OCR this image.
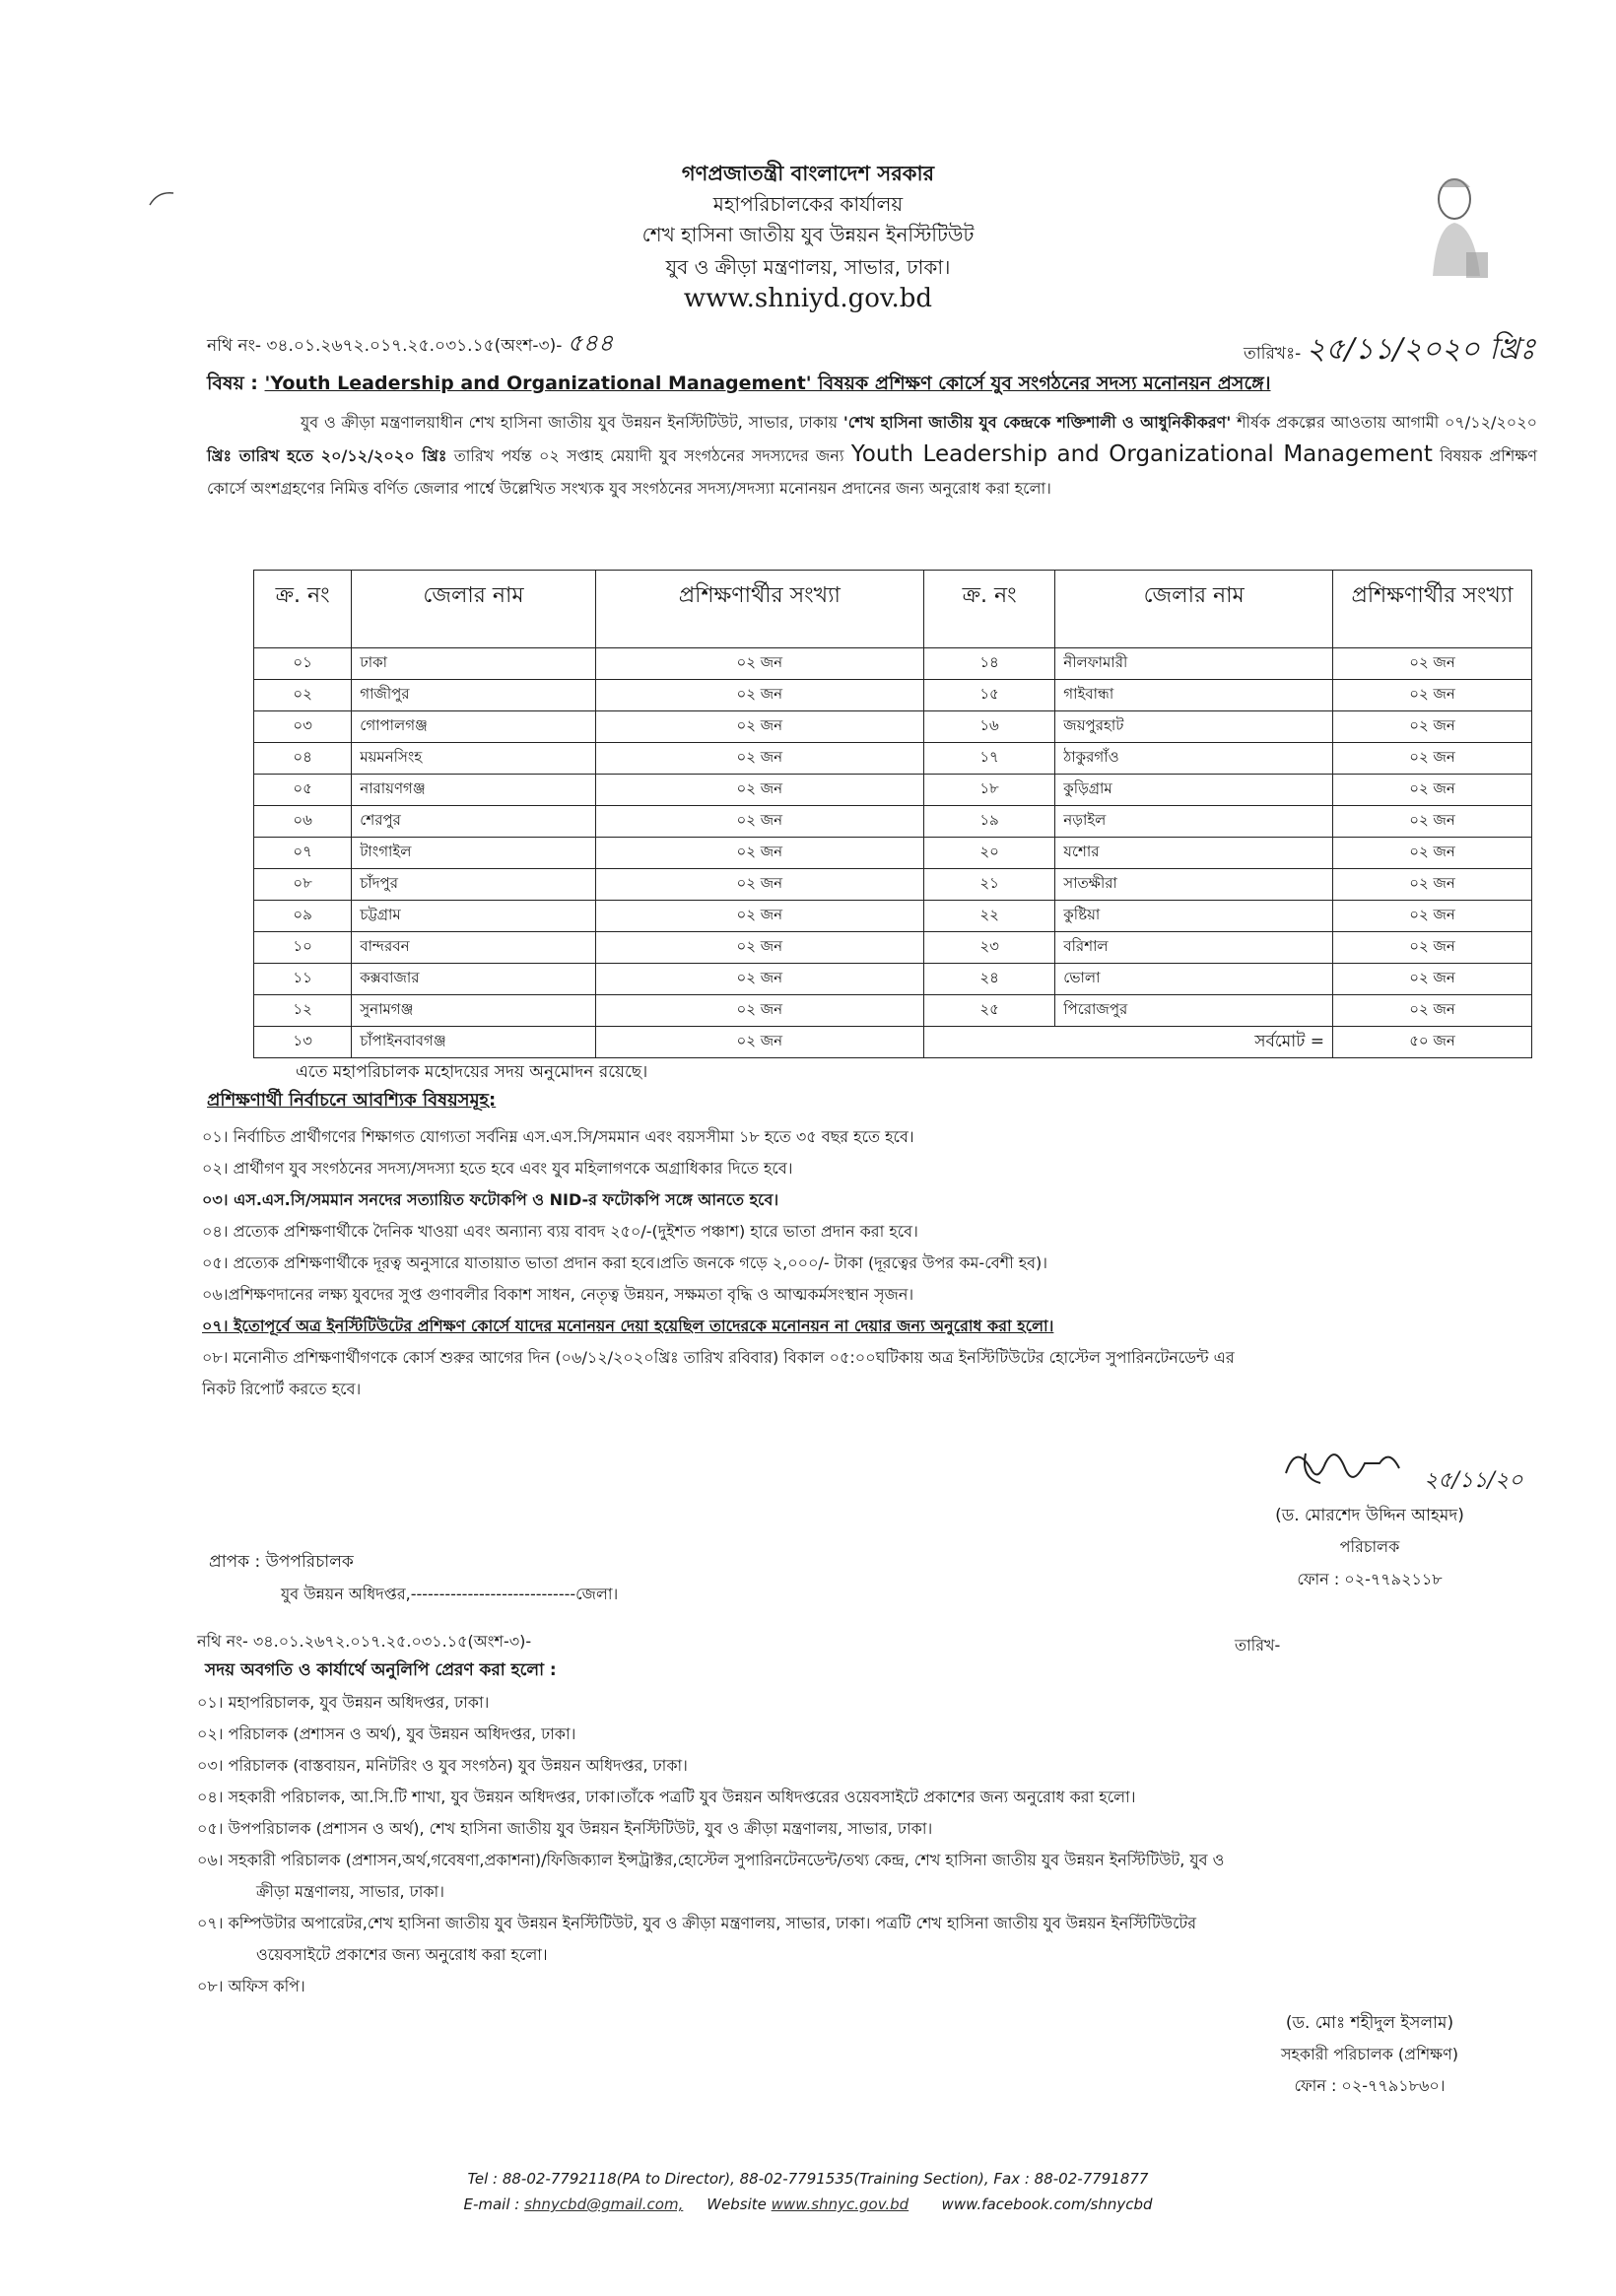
গণপ্রজাতন্ত্রী বাংলাদেশ সরকার
মহাপরিচালকের কার্যালয়
শেখ হাসিনা জাতীয় যুব উন্নয়ন ইনস্টিটিউট
যুব ও ক্রীড়া মন্ত্রণালয়, সাভার, ঢাকা।
www.shniyd.gov.bd
নথি নং- ৩৪.০১.২৬৭২.০১৭.২৫.০৩১.১৫(অংশ-৩)- ৫৪৪	তারিখঃ- ২৫/১১/২০২০ খ্রিঃ
বিষয় : 'Youth Leadership and Organizational Management' বিষয়ক প্রশিক্ষণ কোর্সে যুব সংগঠনের সদস্য মনোনয়ন প্রসঙ্গে।
যুব ও ক্রীড়া মন্ত্রণালয়াধীন শেখ হাসিনা জাতীয় যুব উন্নয়ন ইনস্টিটিউট, সাভার, ঢাকায় 'শেখ হাসিনা জাতীয় যুব কেন্দ্রকে শক্তিশালী ও আধুনিকীকরণ' শীর্ষক প্রকল্পের আওতায় আগামী ০৭/১২/২০২০ খ্রিঃ তারিখ হতে ২০/১২/২০২০ খ্রিঃ তারিখ পর্যন্ত ০২ সপ্তাহ মেয়াদী যুব সংগঠনের সদস্যদের জন্য Youth Leadership and Organizational Management বিষয়ক প্রশিক্ষণ কোর্সে অংশগ্রহণের নিমিত্ত বর্ণিত জেলার পার্শ্বে উল্লেখিত সংখ্যক যুব সংগঠনের সদস্য/সদস্যা মনোনয়ন প্রদানের জন্য অনুরোধ করা হলো।
ক্র. নং	জেলার নাম	প্রশিক্ষণার্থীর সংখ্যা	ক্র. নং	জেলার নাম	প্রশিক্ষণার্থীর সংখ্যা
০১	ঢাকা	০২ জন	১৪	নীলফামারী	০২ জন
০২	গাজীপুর	০২ জন	১৫	গাইবান্ধা	০২ জন
০৩	গোপালগঞ্জ	০২ জন	১৬	জয়পুরহাট	০২ জন
০৪	ময়মনসিংহ	০২ জন	১৭	ঠাকুরগাঁও	০২ জন
০৫	নারায়ণগঞ্জ	০২ জন	১৮	কুড়িগ্রাম	০২ জন
০৬	শেরপুর	০২ জন	১৯	নড়াইল	০২ জন
০৭	টাংগাইল	০২ জন	২০	যশোর	০২ জন
০৮	চাঁদপুর	০২ জন	২১	সাতক্ষীরা	০২ জন
০৯	চট্টগ্রাম	০২ জন	২২	কুষ্টিয়া	০২ জন
১০	বান্দরবন	০২ জন	২৩	বরিশাল	০২ জন
১১	কক্সবাজার	০২ জন	২৪	ভোলা	০২ জন
১২	সুনামগঞ্জ	০২ জন	২৫	পিরোজপুর	০২ জন
১৩	চাঁপাইনবাবগঞ্জ	০২ জন		সর্বমোট =	৫০ জন
এতে মহাপরিচালক মহোদয়ের সদয় অনুমোদন রয়েছে।
প্রশিক্ষণার্থী নির্বাচনে আবশ্যিক বিষয়সমূহ:
০১। নির্বাচিত প্রার্থীগণের শিক্ষাগত যোগ্যতা সর্বনিম্ন এস.এস.সি/সমমান এবং বয়সসীমা ১৮ হতে ৩৫ বছর হতে হবে।
০২। প্রার্থীগণ যুব সংগঠনের সদস্য/সদস্যা হতে হবে এবং যুব মহিলাগণকে অগ্রাধিকার দিতে হবে।
০৩। এস.এস.সি/সমমান সনদের সত্যায়িত ফটোকপি ও NID-র ফটোকপি সঙ্গে আনতে হবে।
০৪। প্রত্যেক প্রশিক্ষণার্থীকে দৈনিক খাওয়া এবং অন্যান্য ব্যয় বাবদ ২৫০/-(দুইশত পঞ্চাশ) হারে ভাতা প্রদান করা হবে।
০৫। প্রত্যেক প্রশিক্ষণার্থীকে দূরত্ব অনুসারে যাতায়াত ভাতা প্রদান করা হবে।প্রতি জনকে গড়ে ২,০০০/- টাকা (দূরত্বের উপর কম-বেশী হব)।
০৬।প্রশিক্ষণদানের লক্ষ্য যুবদের সুপ্ত গুণাবলীর বিকাশ সাধন, নেতৃত্ব উন্নয়ন, সক্ষমতা বৃদ্ধি ও আত্মকর্মসংস্থান সৃজন।
০৭। ইতোপূর্বে অত্র ইনস্টিটিউটের প্রশিক্ষণ কোর্সে যাদের মনোনয়ন দেয়া হয়েছিল তাদেরকে মনোনয়ন না দেয়ার জন্য অনুরোধ করা হলো।
০৮। মনোনীত প্রশিক্ষণার্থীগণকে কোর্স শুরুর আগের দিন (০৬/১২/২০২০খ্রিঃ তারিখ রবিবার) বিকাল ০৫:০০ঘটিকায় অত্র ইনস্টিটিউটের হোস্টেল সুপারিনটেনডেন্ট এর
নিকট রিপোর্ট করতে হবে।
২৫/১১/২০
(ড. মোরশেদ উদ্দিন আহমদ)
পরিচালক
ফোন : ০২-৭৭৯২১১৮
প্রাপক : উপপরিচালক
যুব উন্নয়ন অধিদপ্তর,-----------------------------জেলা।
নথি নং- ৩৪.০১.২৬৭২.০১৭.২৫.০৩১.১৫(অংশ-৩)-	তারিখ-
সদয় অবগতি ও কার্যার্থে অনুলিপি প্রেরণ করা হলো :
০১। মহাপরিচালক, যুব উন্নয়ন অধিদপ্তর, ঢাকা।
০২। পরিচালক (প্রশাসন ও অর্থ), যুব উন্নয়ন অধিদপ্তর, ঢাকা।
০৩। পরিচালক (বাস্তবায়ন, মনিটরিং ও যুব সংগঠন) যুব উন্নয়ন অধিদপ্তর, ঢাকা।
০৪। সহকারী পরিচালক, আ.সি.টি শাখা, যুব উন্নয়ন অধিদপ্তর, ঢাকা।তাঁকে পত্রটি যুব উন্নয়ন অধিদপ্তরের ওয়েবসাইটে প্রকাশের জন্য অনুরোধ করা হলো।
০৫। উপপরিচালক (প্রশাসন ও অর্থ), শেখ হাসিনা জাতীয় যুব উন্নয়ন ইনস্টিটিউট, যুব ও ক্রীড়া মন্ত্রণালয়, সাভার, ঢাকা।
০৬। সহকারী পরিচালক (প্রশাসন,অর্থ,গবেষণা,প্রকাশনা)/ফিজিক্যাল ইন্সট্রাক্টর,হোস্টেল সুপারিনটেনডেন্ট/তথ্য কেন্দ্র, শেখ হাসিনা জাতীয় যুব উন্নয়ন ইনস্টিটিউট, যুব ও
ক্রীড়া মন্ত্রণালয়, সাভার, ঢাকা।
০৭। কম্পিউটার অপারেটর,শেখ হাসিনা জাতীয় যুব উন্নয়ন ইনস্টিটিউট, যুব ও ক্রীড়া মন্ত্রণালয়, সাভার, ঢাকা। পত্রটি শেখ হাসিনা জাতীয় যুব উন্নয়ন ইনস্টিটিউটের
ওয়েবসাইটে প্রকাশের জন্য অনুরোধ করা হলো।
০৮। অফিস কপি।
(ড. মোঃ শহীদুল ইসলাম)
সহকারী পরিচালক (প্রশিক্ষণ)
ফোন : ০২-৭৭৯১৮৬০।
Tel : 88-02-7792118(PA to Director), 88-02-7791535(Training Section), Fax : 88-02-7791877
E-mail : shnycbd@gmail.com, Website www.shnyc.gov.bd www.facebook.com/shnycbd
